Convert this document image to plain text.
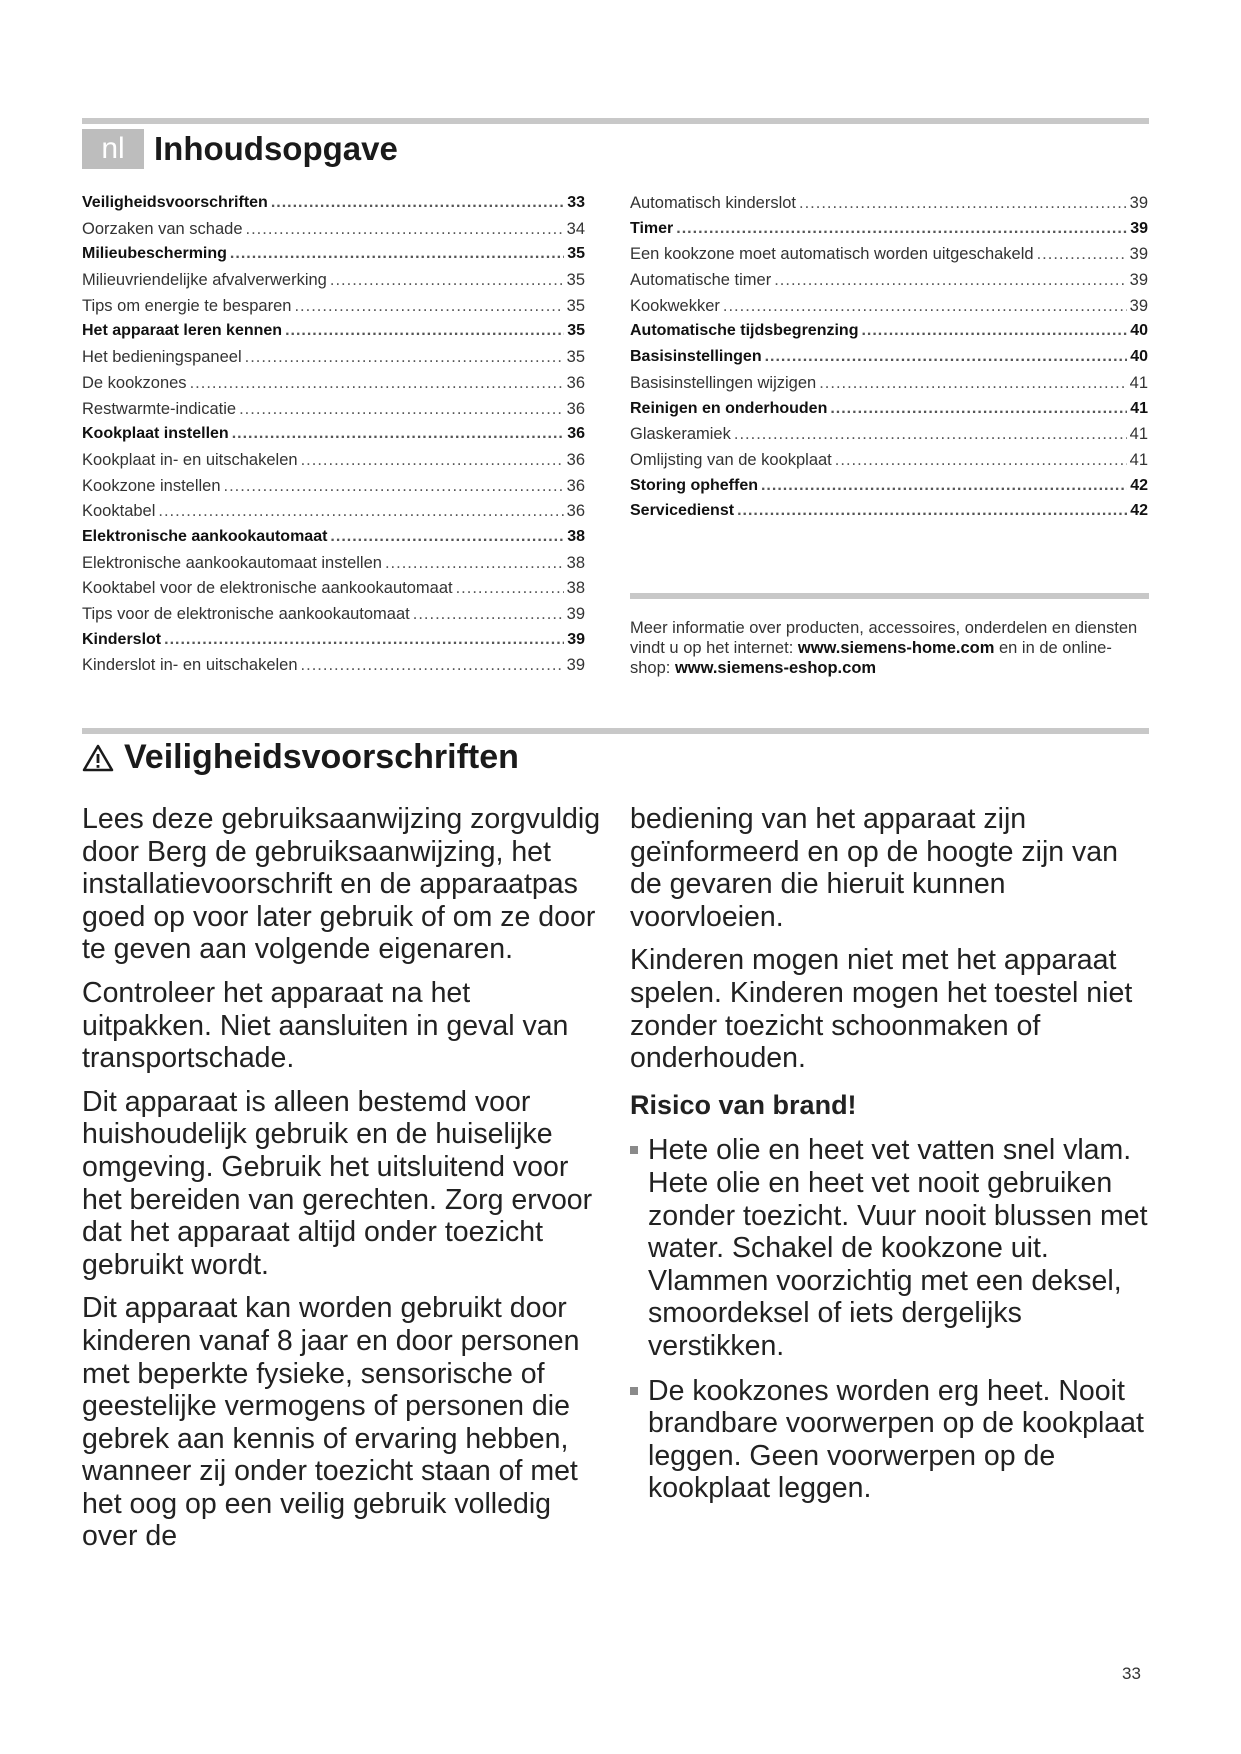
nl Inhoudsopgave
Veiligheidsvoorschriften .....	33
Oorzaken van schade .....	34
Milieubescherming .....	35
Milieuvriendelijke afvalverwerking .....	35
Tips om energie te besparen .....	35
Het apparaat leren kennen .....	35
Het bedieningspaneel .....	35
De kookzones .....	36
Restwarmte-indicatie .....	36
Kookplaat instellen .....	36
Kookplaat in- en uitschakelen .....	36
Kookzone instellen .....	36
Kooktabel .....	36
Elektronische aankookautomaat .....	38
Elektronische aankookautomaat instellen .....	38
Kooktabel voor de elektronische aankookautomaat .....	38
Tips voor de elektronische aankookautomaat .....	39
Kinderslot .....	39
Kinderslot in- en uitschakelen .....	39
Automatisch kinderslot .....	39
Timer .....	39
Een kookzone moet automatisch worden uitgeschakeld .....	39
Automatische timer .....	39
Kookwekker .....	39
Automatische tijdsbegrenzing .....	40
Basisinstellingen .....	40
Basisinstellingen wijzigen .....	41
Reinigen en onderhouden .....	41
Glaskeramiek .....	41
Omlijsting van de kookplaat .....	41
Storing opheffen .....	42
Servicedienst .....	42
Meer informatie over producten, accessoires, onderdelen en diensten vindt u op het internet: www.siemens-home.com en in de online-shop: www.siemens-eshop.com
Veiligheidsvoorschriften

Lees deze gebruiksaanwijzing zorgvuldig door Berg de gebruiksaanwijzing, het installatievoorschrift en de apparaatpas goed op voor later gebruik of om ze door te geven aan volgende eigenaren.

Controleer het apparaat na het uitpakken. Niet aansluiten in geval van transportschade.

Dit apparaat is alleen bestemd voor huishoudelijk gebruik en de huiselijke omgeving. Gebruik het uitsluitend voor het bereiden van gerechten. Zorg ervoor dat het apparaat altijd onder toezicht gebruikt wordt.

Dit apparaat kan worden gebruikt door kinderen vanaf 8 jaar en door personen met beperkte fysieke, sensorische of geestelijke vermogens of personen die gebrek aan kennis of ervaring hebben, wanneer zij onder toezicht staan of met het oog op een veilig gebruik volledig over de

bediening van het apparaat zijn geïnformeerd en op de hoogte zijn van de gevaren die hieruit kunnen voorvloeien.

Kinderen mogen niet met het apparaat spelen. Kinderen mogen het toestel niet zonder toezicht schoonmaken of onderhouden.

Risico van brand!
Hete olie en heet vet vatten snel vlam. Hete olie en heet vet nooit gebruiken zonder toezicht. Vuur nooit blussen met water. Schakel de kookzone uit. Vlammen voorzichtig met een deksel, smoordeksel of iets dergelijks verstikken.
De kookzones worden erg heet. Nooit brandbare voorwerpen op de kookplaat leggen. Geen voorwerpen op de kookplaat leggen.
33
